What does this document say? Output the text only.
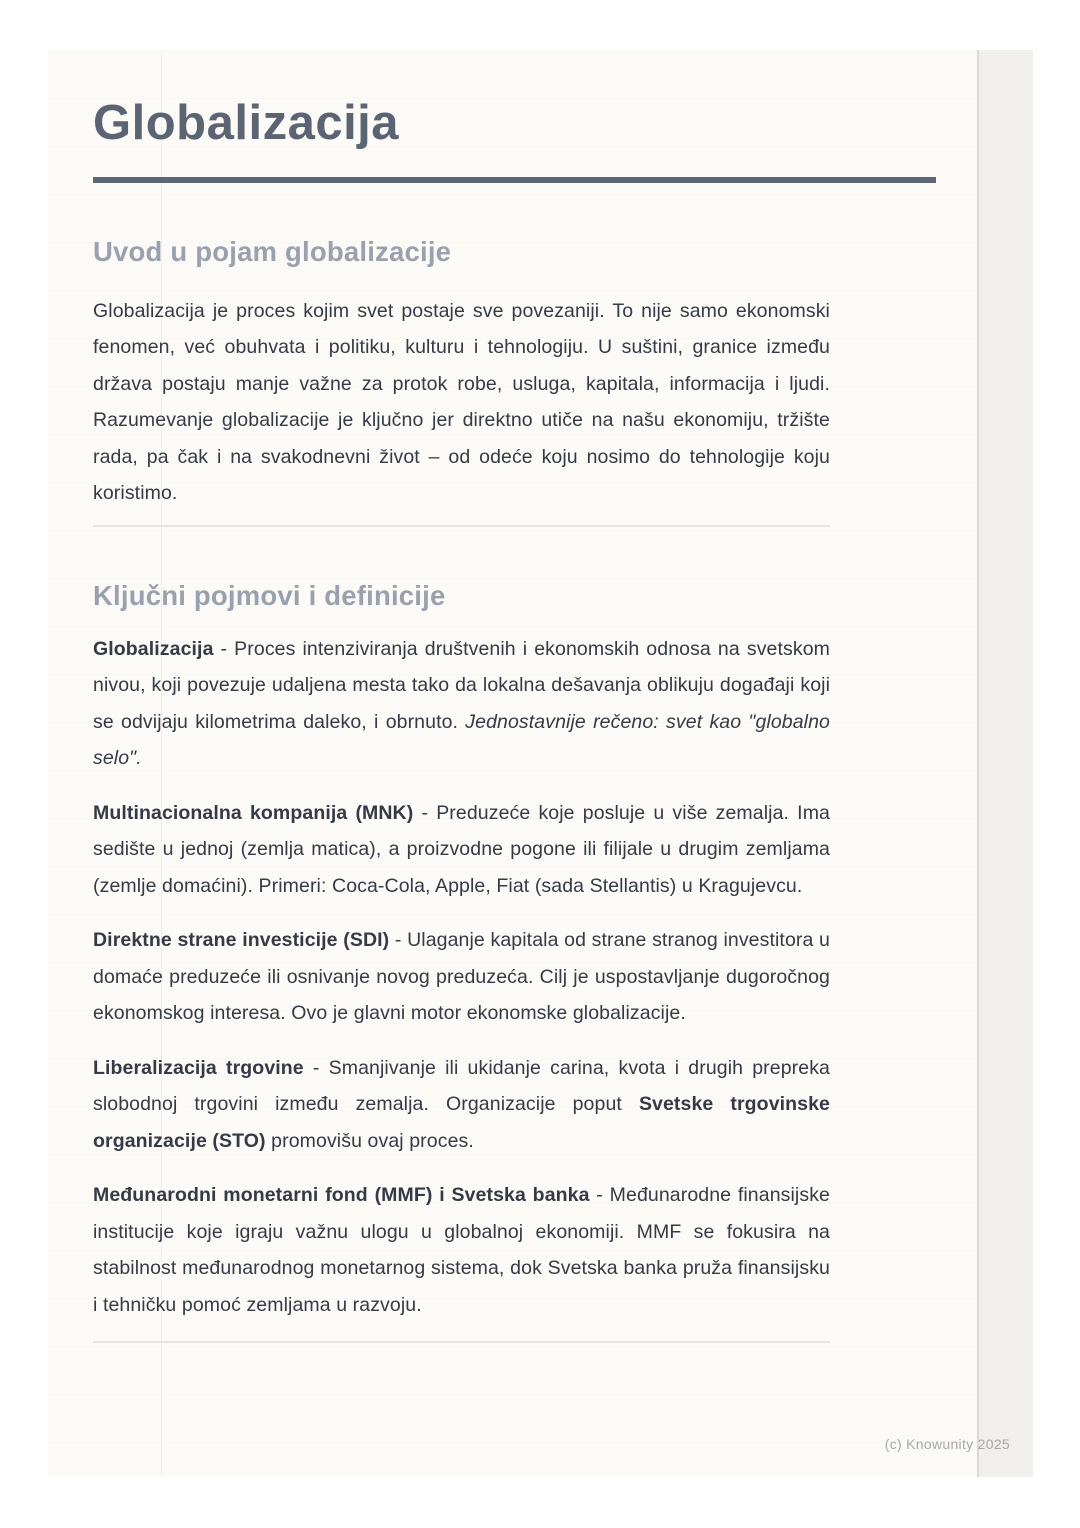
Globalizacija
Uvod u pojam globalizacije

Globalizacija je proces kojim svet postaje sve povezaniji. To nije samo ekonomski fenomen, već obuhvata i politiku, kulturu i tehnologiju. U suštini, granice između država postaju manje važne za protok robe, usluga, kapitala, informacija i ljudi. Razumevanje globalizacije je ključno jer direktno utiče na našu ekonomiju, tržište rada, pa čak i na svakodnevni život – od odeće koju nosimo do tehnologije koju koristimo.

Ključni pojmovi i definicije

Globalizacija - Proces intenziviranja društvenih i ekonomskih odnosa na svetskom nivou, koji povezuje udaljena mesta tako da lokalna dešavanja oblikuju događaji koji se odvijaju kilometrima daleko, i obrnuto. Jednostavnije rečeno: svet kao "globalno selo".

Multinacionalna kompanija (MNK) - Preduzeće koje posluje u više zemalja. Ima sedište u jednoj (zemlja matica), a proizvodne pogone ili filijale u drugim zemljama (zemlje domaćini). Primeri: Coca-Cola, Apple, Fiat (sada Stellantis) u Kragujevcu.

Direktne strane investicije (SDI) - Ulaganje kapitala od strane stranog investitora u domaće preduzeće ili osnivanje novog preduzeća. Cilj je uspostavljanje dugoročnog ekonomskog interesa. Ovo je glavni motor ekonomske globalizacije.

Liberalizacija trgovine - Smanjivanje ili ukidanje carina, kvota i drugih prepreka slobodnoj trgovini između zemalja. Organizacije poput Svetske trgovinske organizacije (STO) promovišu ovaj proces.

Međunarodni monetarni fond (MMF) i Svetska banka - Međunarodne finansijske institucije koje igraju važnu ulogu u globalnoj ekonomiji. MMF se fokusira na stabilnost međunarodnog monetarnog sistema, dok Svetska banka pruža finansijsku i tehničku pomoć zemljama u razvoju.

(c) Knowunity 2025
